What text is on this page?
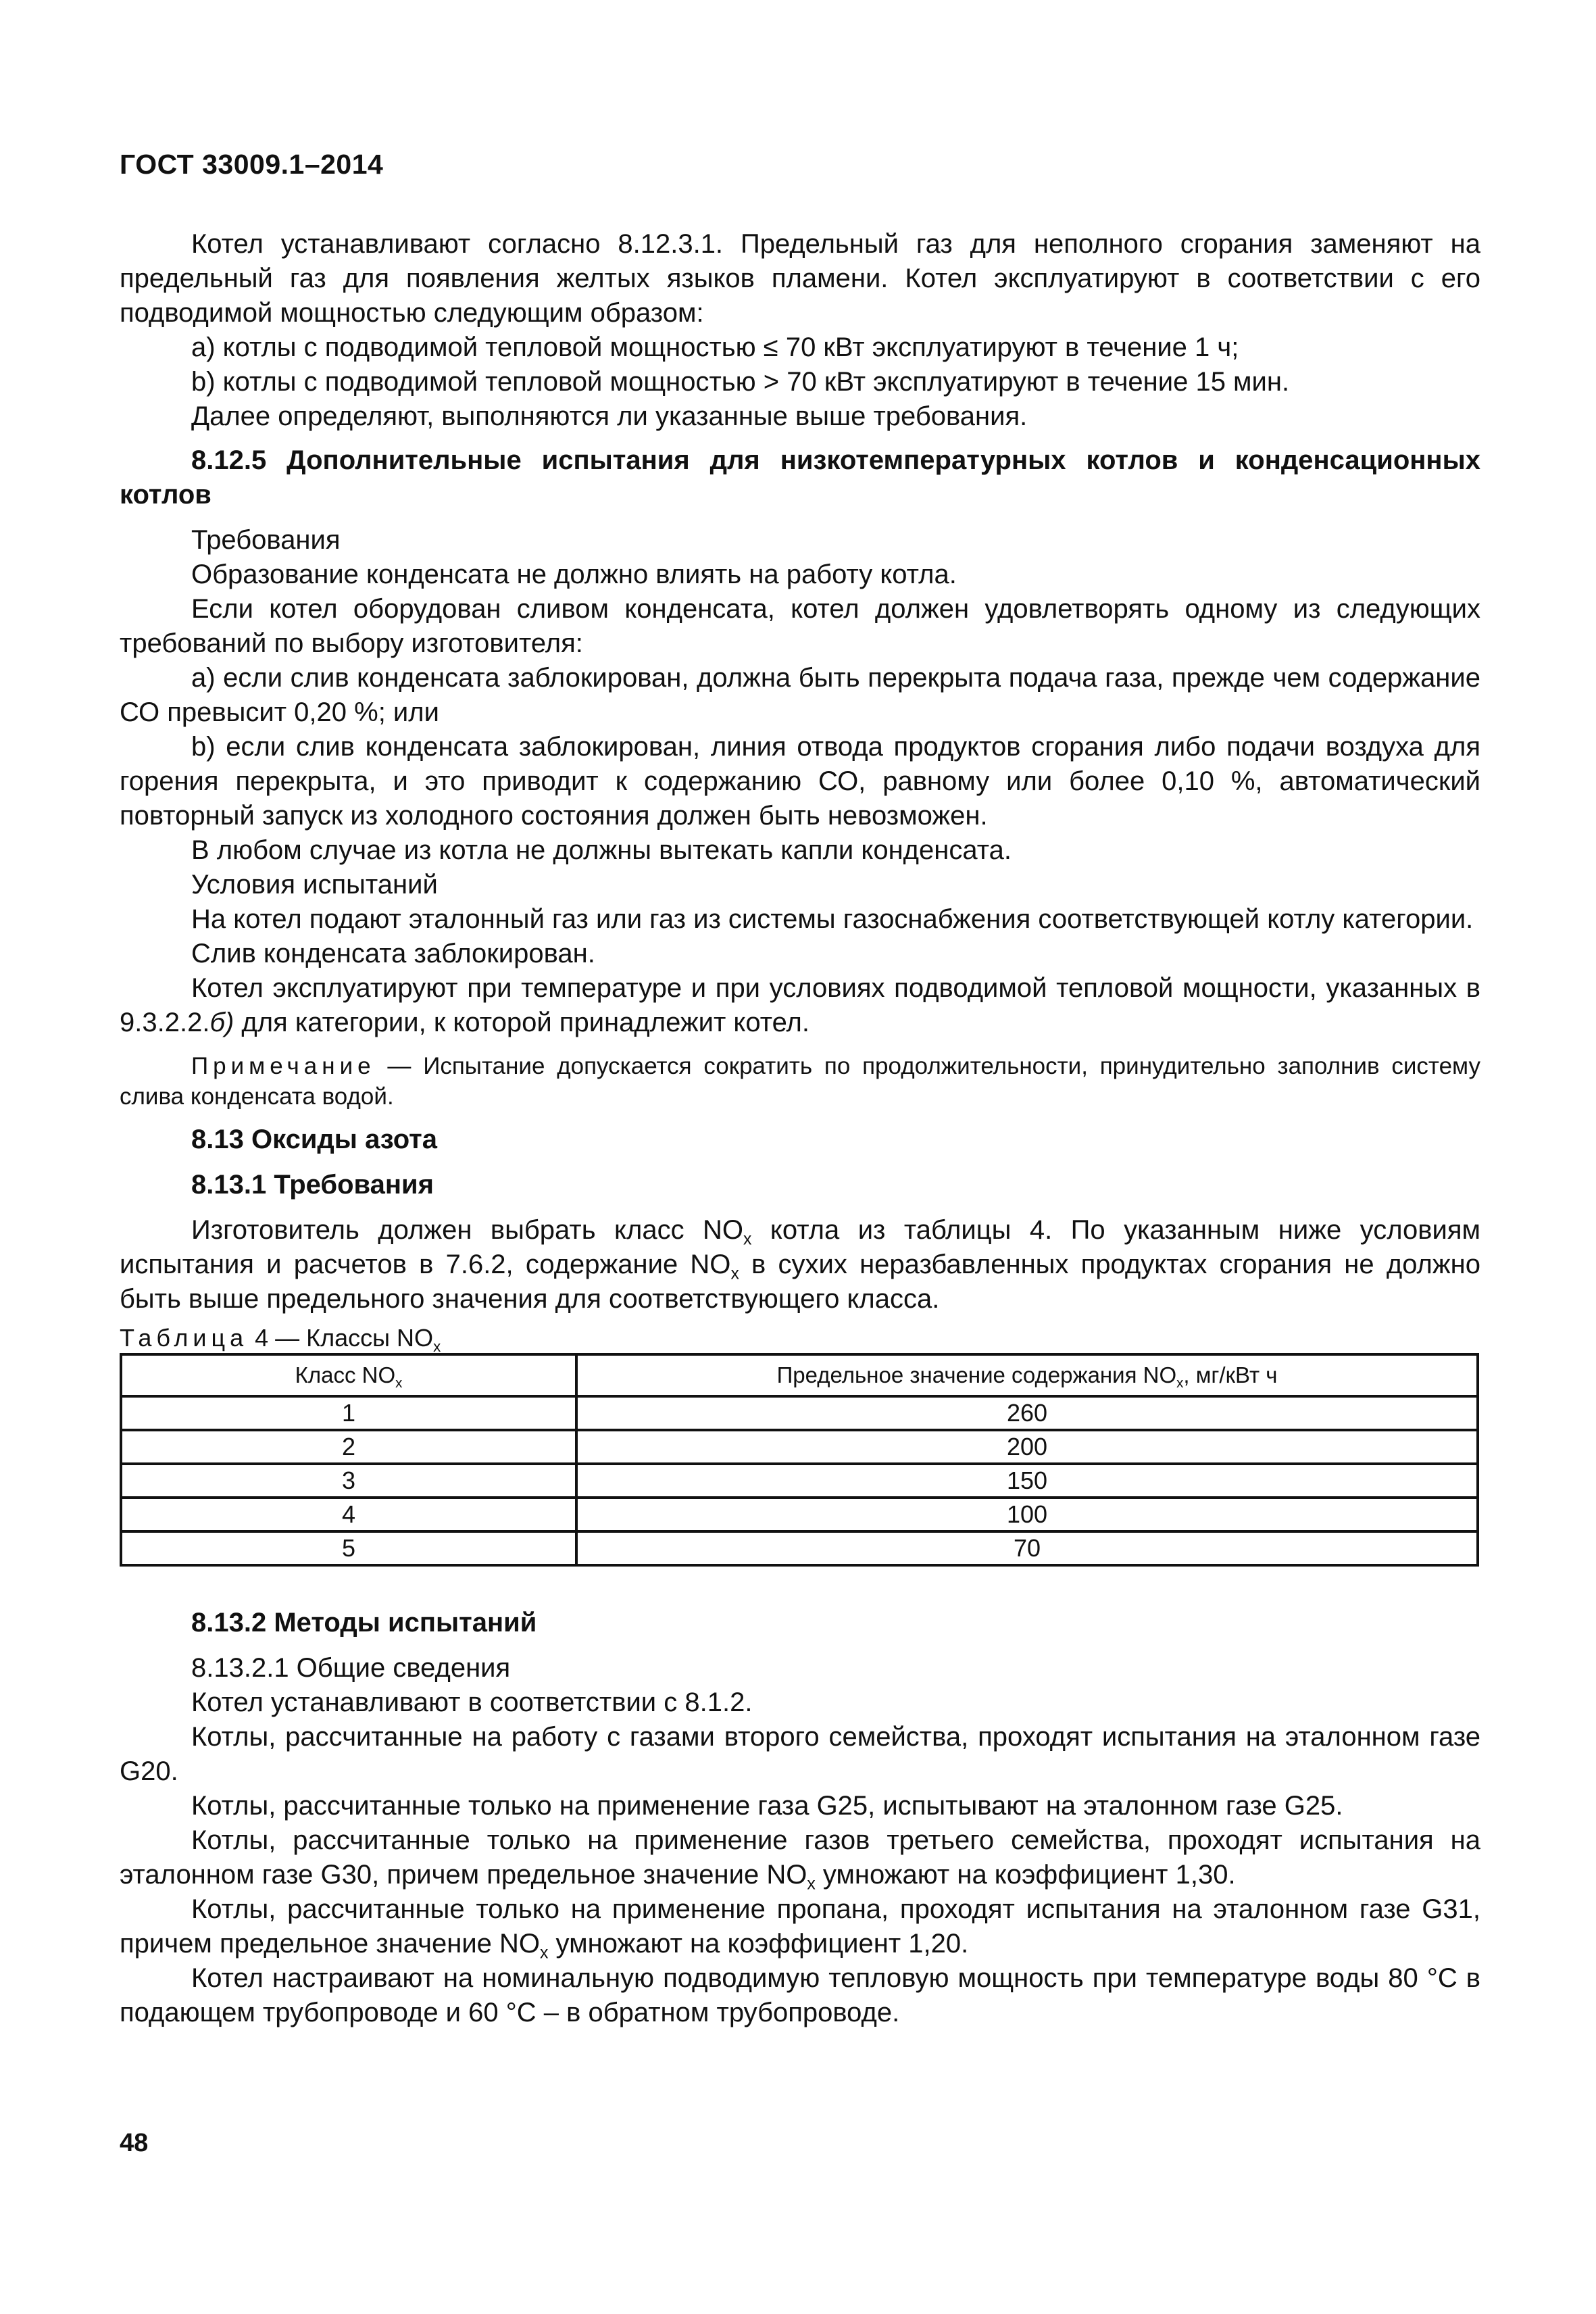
ГОСТ 33009.1–2014

Котел устанавливают согласно 8.12.3.1. Предельный газ для неполного сгорания заменяют на предельный газ для появления желтых языков пламени. Котел эксплуатируют в соответствии с его подводимой мощностью следующим образом:

a) котлы с подводимой тепловой мощностью ≤ 70 кВт эксплуатируют в течение 1 ч;

b) котлы с подводимой тепловой мощностью > 70 кВт эксплуатируют в течение 15 мин.

Далее определяют, выполняются ли указанные выше требования.

8.12.5 Дополнительные испытания для низкотемпературных котлов и конденсационных котлов

Требования

Образование конденсата не должно влиять на работу котла.

Если котел оборудован сливом конденсата, котел должен удовлетворять одному из следующих требований по выбору изготовителя:

a) если слив конденсата заблокирован, должна быть перекрыта подача газа, прежде чем содержание СО превысит 0,20 %; или

b) если слив конденсата заблокирован, линия отвода продуктов сгорания либо подачи воздуха для горения перекрыта, и это приводит к содержанию СО, равному или более 0,10 %, автоматический повторный запуск из холодного состояния должен быть невозможен.

В любом случае из котла не должны вытекать капли конденсата.

Условия испытаний

На котел подают эталонный газ или газ из системы газоснабжения соответствующей котлу категории.

Слив конденсата заблокирован.

Котел эксплуатируют при температуре и при условиях подводимой тепловой мощности, указанных в 9.3.2.2.б) для категории, к которой принадлежит котел.

Примечание — Испытание допускается сократить по продолжительности, принудительно заполнив систему слива конденсата водой.

8.13 Оксиды азота

8.13.1 Требования

Изготовитель должен выбрать класс $NO_x$ котла из таблицы 4. По указанным ниже условиям испытания и расчетов в 7.6.2, содержание $NO_x$ в сухих неразбавленных продуктах сгорания не должно быть выше предельного значения для соответствующего класса.

Таблица 4 — Классы $NO_x$

Класс $NO_x$	Предельное значение содержания $NO_x$, мг/кВт ч
1	260
2	200
3	150
4	100
5	70

8.13.2 Методы испытаний

8.13.2.1 Общие сведения

Котел устанавливают в соответствии с 8.1.2.

Котлы, рассчитанные на работу с газами второго семейства, проходят испытания на эталонном газе G20.

Котлы, рассчитанные только на применение газа G25, испытывают на эталонном газе G25.

Котлы, рассчитанные только на применение газов третьего семейства, проходят испытания на эталонном газе G30, причем предельное значение $NO_x$ умножают на коэффициент 1,30.

Котлы, рассчитанные только на применение пропана, проходят испытания на эталонном газе G31, причем предельное значение $NO_x$ умножают на коэффициент 1,20.

Котел настраивают на номинальную подводимую тепловую мощность при температуре воды 80 °С в подающем трубопроводе и 60 °С – в обратном трубопроводе.

48
